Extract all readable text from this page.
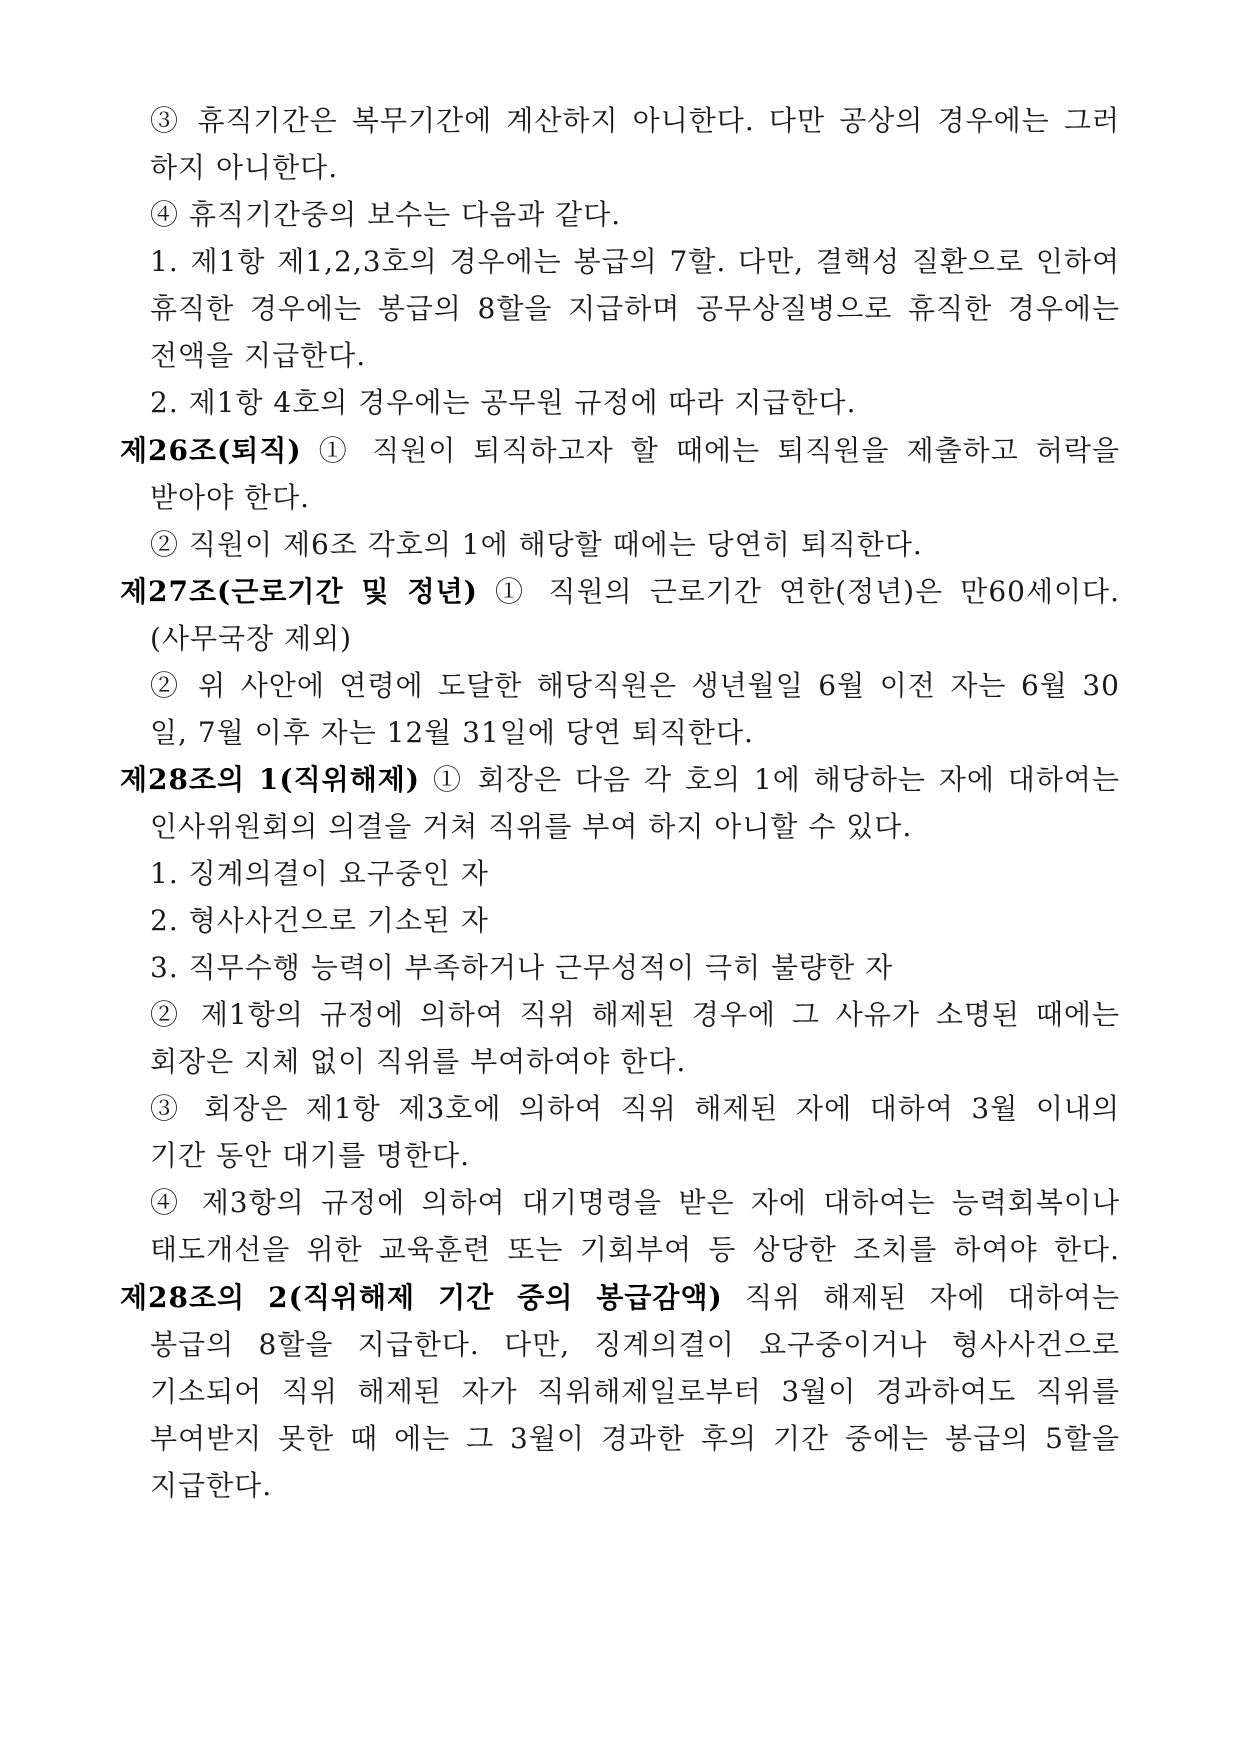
③ 휴직기간은 복무기간에 계산하지 아니한다. 다만 공상의 경우에는 그러
하지 아니한다.
④ 휴직기간중의 보수는 다음과 같다.
1. 제1항 제1,2,3호의 경우에는 봉급의 7할. 다만, 결핵성 질환으로 인하여
휴직한 경우에는 봉급의 8할을 지급하며 공무상질병으로 휴직한 경우에는
전액을 지급한다.
2. 제1항 4호의 경우에는 공무원 규정에 따라 지급한다.
제26조(퇴직) ① 직원이 퇴직하고자 할 때에는 퇴직원을 제출하고 허락을
받아야 한다.
② 직원이 제6조 각호의 1에 해당할 때에는 당연히 퇴직한다.
제27조(근로기간 및 정년) ① 직원의 근로기간 연한(정년)은 만60세이다.
(사무국장 제외)
② 위 사안에 연령에 도달한 해당직원은 생년월일 6월 이전 자는 6월 30
일, 7월 이후 자는 12월 31일에 당연 퇴직한다.
제28조의 1(직위해제) ① 회장은 다음 각 호의 1에 해당하는 자에 대하여는
인사위원회의 의결을 거쳐 직위를 부여 하지 아니할 수 있다.
1. 징계의결이 요구중인 자
2. 형사사건으로 기소된 자
3. 직무수행 능력이 부족하거나 근무성적이 극히 불량한 자
② 제1항의 규정에 의하여 직위 해제된 경우에 그 사유가 소명된 때에는
회장은 지체 없이 직위를 부여하여야 한다.
③ 회장은 제1항 제3호에 의하여 직위 해제된 자에 대하여 3월 이내의
기간 동안 대기를 명한다.
④ 제3항의 규정에 의하여 대기명령을 받은 자에 대하여는 능력회복이나
태도개선을 위한 교육훈련 또는 기회부여 등 상당한 조치를 하여야 한다.
제28조의 2(직위해제 기간 중의 봉급감액) 직위 해제된 자에 대하여는
봉급의 8할을 지급한다. 다만, 징계의결이 요구중이거나 형사사건으로
기소되어 직위 해제된 자가 직위해제일로부터 3월이 경과하여도 직위를
부여받지 못한 때 에는 그 3월이 경과한 후의 기간 중에는 봉급의 5할을
지급한다.
